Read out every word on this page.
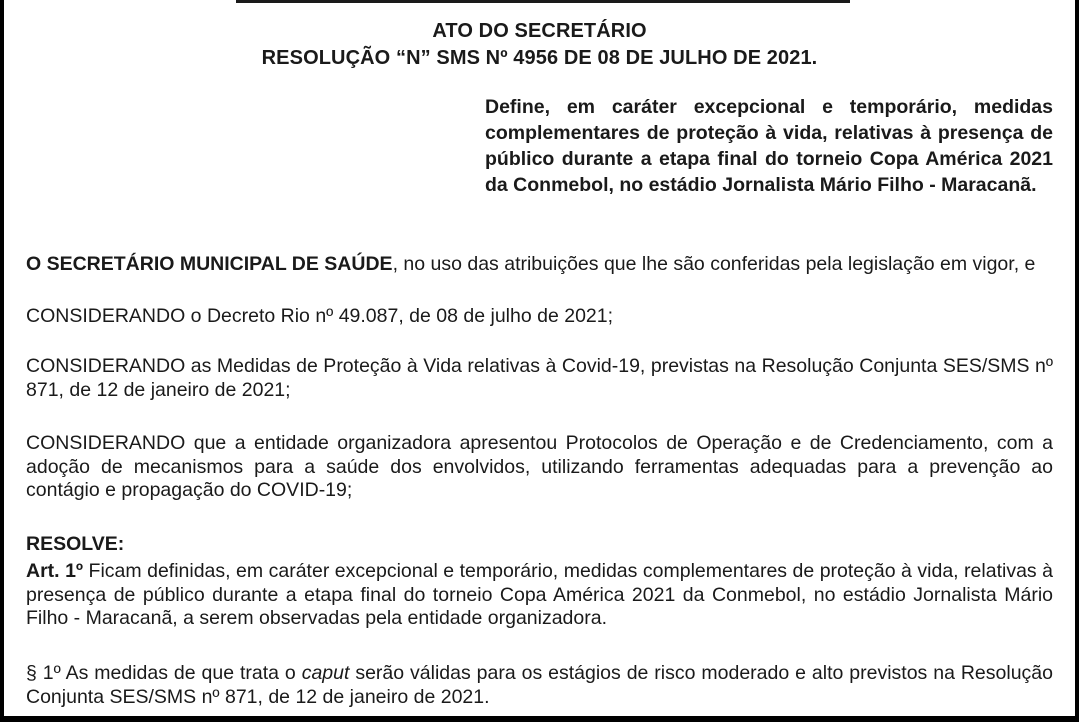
ATO DO SECRETÁRIO
RESOLUÇÃO “N” SMS Nº 4956 DE 08 DE JULHO DE 2021.
Define, em caráter excepcional e temporário, medidas complementares de proteção à vida, relativas à presença de público durante a etapa final do torneio Copa América 2021 da Conmebol, no estádio Jornalista Mário Filho - Maracanã.
O SECRETÁRIO MUNICIPAL DE SAÚDE, no uso das atribuições que lhe são conferidas pela legislação em vigor, e
CONSIDERANDO o Decreto Rio nº 49.087, de 08 de julho de 2021;
CONSIDERANDO as Medidas de Proteção à Vida relativas à Covid-19, previstas na Resolução Conjunta SES/SMS nº 871, de 12 de janeiro de 2021;
CONSIDERANDO que a entidade organizadora apresentou Protocolos de Operação e de Credenciamento, com a adoção de mecanismos para a saúde dos envolvidos, utilizando ferramentas adequadas para a prevenção ao contágio e propagação do COVID-19;
RESOLVE:
Art. 1º Ficam definidas, em caráter excepcional e temporário, medidas complementares de proteção à vida, relativas à presença de público durante a etapa final do torneio Copa América 2021 da Conmebol, no estádio Jornalista Mário Filho - Maracanã, a serem observadas pela entidade organizadora.
§ 1º As medidas de que trata o caput serão válidas para os estágios de risco moderado e alto previstos na Resolução Conjunta SES/SMS nº 871, de 12 de janeiro de 2021.
